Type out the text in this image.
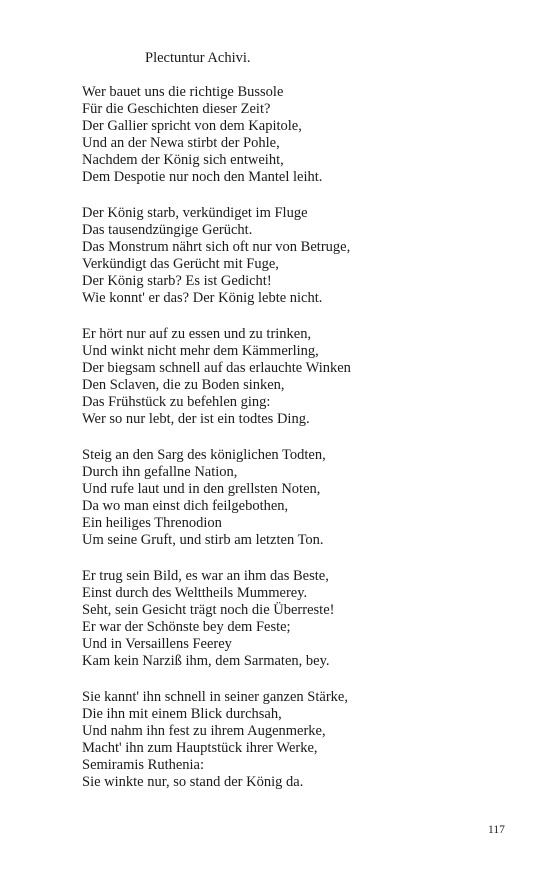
Plectuntur Achivi.
Wer bauet uns die richtige Bussole
Für die Geschichten dieser Zeit?
Der Gallier spricht von dem Kapitole,
Und an der Newa stirbt der Pohle,
Nachdem der König sich entweiht,
Dem Despotie nur noch den Mantel leiht.
Der König starb, verkündiget im Fluge
Das tausendzüngige Gerücht.
Das Monstrum nährt sich oft nur von Betruge,
Verkündigt das Gerücht mit Fuge,
Der König starb? Es ist Gedicht!
Wie konnt' er das? Der König lebte nicht.
Er hört nur auf zu essen und zu trinken,
Und winkt nicht mehr dem Kämmerling,
Der biegsam schnell auf das erlauchte Winken
Den Sclaven, die zu Boden sinken,
Das Frühstück zu befehlen ging:
Wer so nur lebt, der ist ein todtes Ding.
Steig an den Sarg des königlichen Todten,
Durch ihn gefallne Nation,
Und rufe laut und in den grellsten Noten,
Da wo man einst dich feilgebothen,
Ein heiliges Threnodion
Um seine Gruft, und stirb am letzten Ton.
Er trug sein Bild, es war an ihm das Beste,
Einst durch des Welttheils Mummerey.
Seht, sein Gesicht trägt noch die Überreste!
Er war der Schönste bey dem Feste;
Und in Versaillens Feerey
Kam kein Narziß ihm, dem Sarmaten, bey.
Sie kannt' ihn schnell in seiner ganzen Stärke,
Die ihn mit einem Blick durchsah,
Und nahm ihn fest zu ihrem Augenmerke,
Macht' ihn zum Hauptstück ihrer Werke,
Semiramis Ruthenia:
Sie winkte nur, so stand der König da.
117
